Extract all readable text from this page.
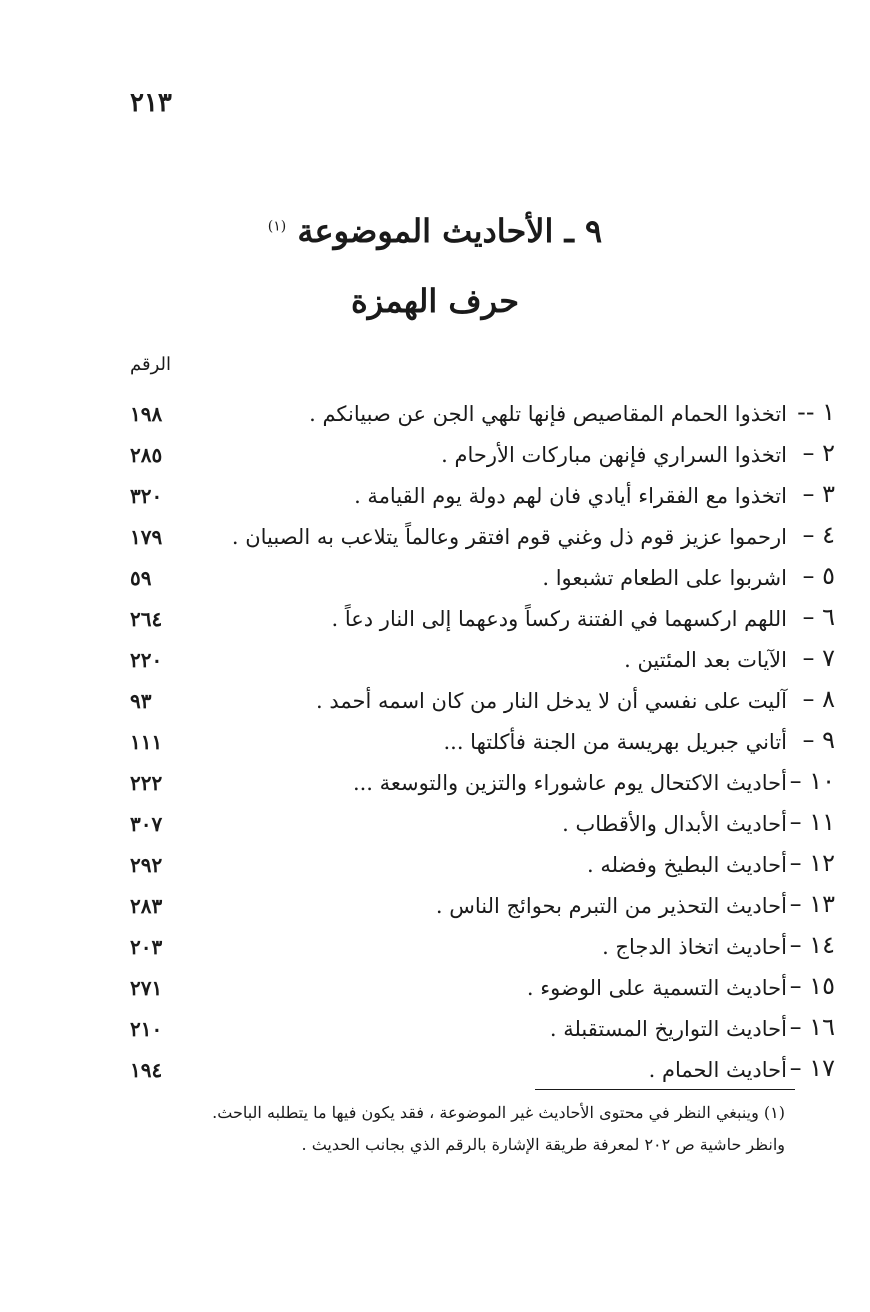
٢١٣
٩ ـ الأحاديث الموضوعة $^{(١)}$
حرف الهمزة
الرقم
١ --
اتخذوا الحمام المقاصيص فإنها تلهي الجن عن صبيانكم .
١٩٨
٢ –
اتخذوا السراري فإنهن مباركات الأرحام .
٢٨٥
٣ –
اتخذوا مع الفقراء أيادي فان لهم دولة يوم القيامة .
٣٢٠
٤ –
ارحموا عزيز قوم ذل وغني قوم افتقر وعالماً يتلاعب به الصبيان .
١٧٩
٥ –
اشربوا على الطعام تشبعوا .
٥٩
٦ –
اللهم اركسهما في الفتنة ركساً ودعهما إلى النار دعاً .
٢٦٤
٧ –
الآيات بعد المئتين .
٢٢٠
٨ –
آليت على نفسي أن لا يدخل النار من كان اسمه أحمد .
٩٣
٩ –
أتاني جبريل بهريسة من الجنة فأكلتها ...
١١١
١٠ –
أحاديث الاكتحال يوم عاشوراء والتزين والتوسعة ...
٢٢٢
١١ –
أحاديث الأبدال والأقطاب .
٣٠٧
١٢ –
أحاديث البطيخ وفضله .
٢٩٢
١٣ –
أحاديث التحذير من التبرم بحوائج الناس .
٢٨٣
١٤ –
أحاديث اتخاذ الدجاج .
٢٠٣
١٥ –
أحاديث التسمية على الوضوء .
٢٧١
١٦ –
أحاديث التواريخ المستقبلة .
٢١٠
١٧ –
أحاديث الحمام .
١٩٤
(١) وينبغي النظر في محتوى الأحاديث غير الموضوعة ، فقد يكون فيها ما يتطلبه الباحث.
وانظر حاشية ص ٢٠٢ لمعرفة طريقة الإشارة بالرقم الذي بجانب الحديث .
